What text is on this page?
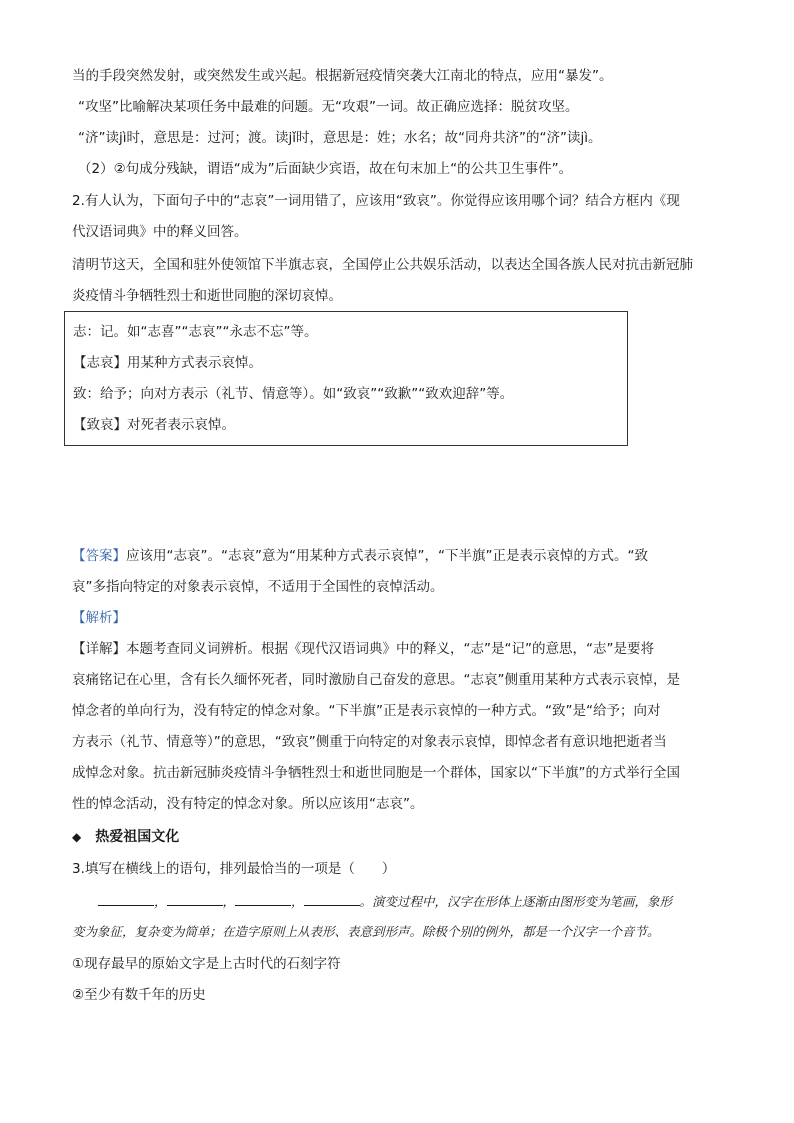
当的手段突然发射，或突然发生或兴起。根据新冠疫情突袭大江南北的特点，应用“暴发”。
“攻坚”比喻解决某项任务中最难的问题。无“攻艰”一词。故正确应选择：脱贫攻坚。
“济”读jì时，意思是：过河；渡。读jǐ时，意思是：姓；水名；故“同舟共济”的“济”读jì。
（2）②句成分残缺，谓语“成为”后面缺少宾语，故在句末加上“的公共卫生事件”。
2.有人认为，下面句子中的“志哀”一词用错了，应该用“致哀”。你觉得应该用哪个词？结合方框内《现
代汉语词典》中的释义回答。
清明节这天，全国和驻外使领馆下半旗志哀，全国停止公共娱乐活动，以表达全国各族人民对抗击新冠肺
炎疫情斗争牺牲烈士和逝世同胞的深切哀悼。
志：记。如“志喜”“志哀”“永志不忘”等。
【志哀】用某种方式表示哀悼。
致：给予；向对方表示（礼节、情意等）。如“致哀”“致歉”“致欢迎辞”等。
【致哀】对死者表示哀悼。
【答案】应该用“志哀”。“志哀”意为“用某种方式表示哀悼”，“下半旗”正是表示哀悼的方式。“致
哀”多指向特定的对象表示哀悼，不适用于全国性的哀悼活动。
【解析】
【详解】本题考查同义词辨析。根据《现代汉语词典》中的释义，“志”是“记”的意思，“志”是要将
哀痛铭记在心里，含有长久缅怀死者，同时激励自己奋发的意思。“志哀”侧重用某种方式表示哀悼，是
悼念者的单向行为，没有特定的悼念对象。“下半旗”正是表示哀悼的一种方式。“致”是“给予；向对
方表示（礼节、情意等）”的意思，“致哀”侧重于向特定的对象表示哀悼，即悼念者有意识地把逝者当
成悼念对象。抗击新冠肺炎疫情斗争牺牲烈士和逝世同胞是一个群体，国家以“下半旗”的方式举行全国
性的悼念活动，没有特定的悼念对象。所以应该用“志哀”。
◆ 热爱祖国文化
3.填写在横线上的语句，排列最恰当的一项是（　　）
，	，	，	。演变过程中，汉字在形体上逐渐由图形变为笔画，象形
变为象征，复杂变为简单；在造字原则上从表形、表意到形声。除极个别的例外，都是一个汉字一个音节。
①现存最早的原始文字是上古时代的石刻字符
②至少有数千年的历史
